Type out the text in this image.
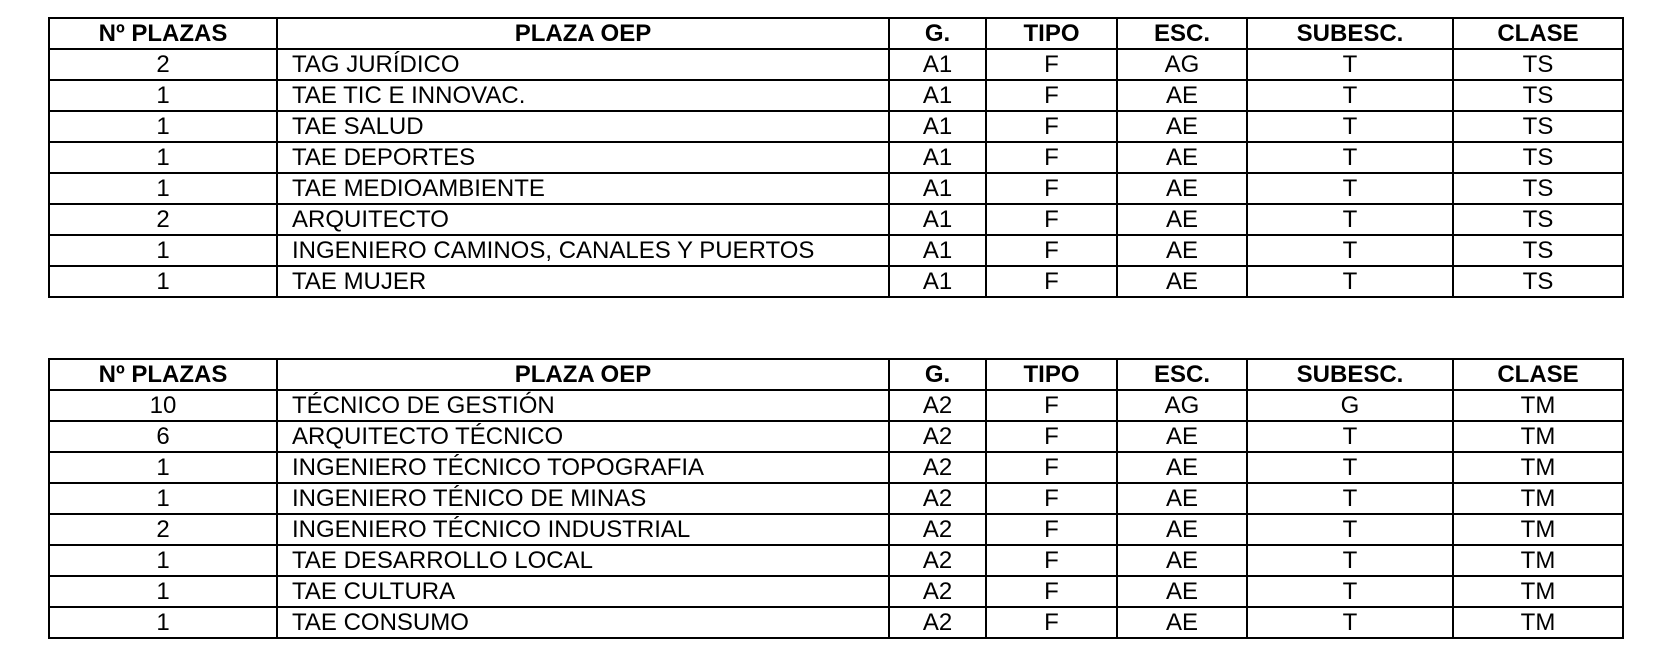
Nº PLAZAS	PLAZA OEP	G.	TIPO	ESC.	SUBESC.	CLASE
2	TAG JURÍDICO	A1	F	AG	T	TS
1	TAE TIC E INNOVAC.	A1	F	AE	T	TS
1	TAE SALUD	A1	F	AE	T	TS
1	TAE DEPORTES	A1	F	AE	T	TS
1	TAE MEDIOAMBIENTE	A1	F	AE	T	TS
2	ARQUITECTO	A1	F	AE	T	TS
1	INGENIERO CAMINOS, CANALES Y PUERTOS	A1	F	AE	T	TS
1	TAE MUJER	A1	F	AE	T	TS
Nº PLAZAS	PLAZA OEP	G.	TIPO	ESC.	SUBESC.	CLASE
10	TÉCNICO DE GESTIÓN	A2	F	AG	G	TM
6	ARQUITECTO TÉCNICO	A2	F	AE	T	TM
1	INGENIERO TÉCNICO TOPOGRAFIA	A2	F	AE	T	TM
1	INGENIERO TÉNICO DE MINAS	A2	F	AE	T	TM
2	INGENIERO TÉCNICO INDUSTRIAL	A2	F	AE	T	TM
1	TAE DESARROLLO LOCAL	A2	F	AE	T	TM
1	TAE CULTURA	A2	F	AE	T	TM
1	TAE CONSUMO	A2	F	AE	T	TM
